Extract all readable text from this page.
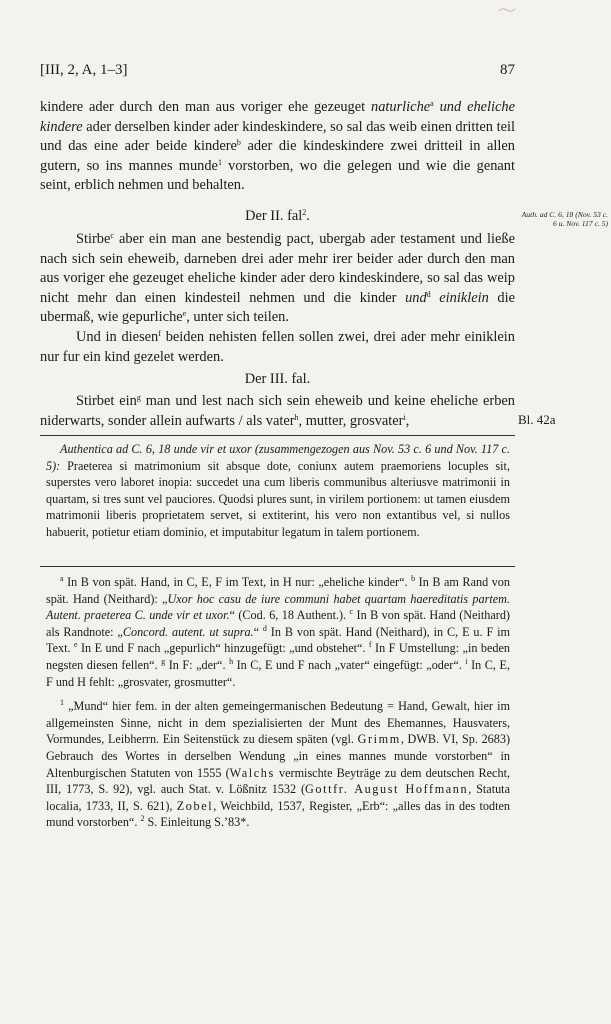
[III, 2, A, 1–3]	87

kindere ader durch den man aus voriger ehe gezeuget naturliche$^a$ und eheliche kindere ader derselben kinder ader kindeskindere, so sal das weib einen dritten teil und das eine ader beide kindere$^b$ ader die kindeskindere zwei dritteil in allen gutern, so ins mannes munde$^1$ vorstorben, wo die gelegen und wie die genant seint, erblich nehmen und behalten.

Der II. fal$^2$.	Auth. ad C. 6, 18 (Nov. 53 c. 6 u. Nov. 117 c. 5)

Stirbe$^c$ aber ein man ane bestendig pact, ubergab ader testament und ließe nach sich sein eheweib, darneben drei ader mehr irer beider ader durch den man aus voriger ehe gezeuget eheliche kinder ader dero kindeskindere, so sal das weip nicht mehr dan einen kindesteil nehmen und die kinder und$^d$ einiklein die ubermaß, wie gepurliche$^e$, unter sich teilen.

Und in diesen$^f$ beiden nehisten fellen sollen zwei, drei ader mehr einiklein nur fur ein kind gezelet werden.

Der III. fal.

Stirbet ein$^g$ man und lest nach sich sein eheweib und keine eheliche erben niderwarts, sonder allein aufwarts / als vater$^h$, mutter, grosvater$^i$,	Bl. 42a

Authentica ad C. 6, 18 unde vir et uxor (zusammengezogen aus Nov. 53 c. 6 und Nov. 117 c. 5): Praeterea si matrimonium sit absque dote, coniunx autem praemoriens locuples sit, superstes vero laboret inopia: succedet una cum liberis communibus alteriusve matrimonii in quartam, si tres sunt vel pauciores. Quodsi plures sunt, in virilem portionem: ut tamen eiusdem matrimonii liberis proprietatem servet, si extiterint, his vero non extantibus vel, si nullos habuerit, potietur etiam dominio, et imputabitur legatum in talem portionem.

$^a$ In B von spät. Hand, in C, E, F im Text, in H nur: „eheliche kinder“. $^b$ In B am Rand von spät. Hand (Neithard): „Uxor hoc casu de iure communi habet quartam haereditatis partem. Autent. praeterea C. unde vir et uxor.“ (Cod. 6, 18 Authent.). $^c$ In B von spät. Hand (Neithard) als Randnote: „Concord. autent. ut supra.“ $^d$ In B von spät. Hand (Neithard), in C, E u. F im Text. $^e$ In E und F nach „gepurlich“ hinzugefügt: „und obstehet“. $^f$ In F Umstellung: „in beden negsten diesen fellen“. $^g$ In F: „der“. $^h$ In C, E und F nach „vater“ eingefügt: „oder“. $^i$ In C, E, F und H fehlt: „grosvater, grosmutter“.

$^1$ „Mund“ hier fem. in der alten gemeingermanischen Bedeutung = Hand, Gewalt, hier im allgemeinsten Sinne, nicht in dem spezialisierten der Munt des Ehemannes, Hausvaters, Vormundes, Leibherrn. Ein Seitenstück zu diesem späten (vgl. Grimm, DWB. VI, Sp. 2683) Gebrauch des Wortes in derselben Wendung „in eines mannes munde vorstorben“ in Altenburgischen Statuten von 1555 (Walchs vermischte Beyträge zu dem deutschen Recht, III, 1773, S. 92), vgl. auch Stat. v. Lößnitz 1532 (Gottfr. August Hoffmann, Statuta localia, 1733, II, S. 621), Zobel, Weichbild, 1537, Register, „Erb“: „alles das in des todten mund vorstorben“. $^2$ S. Einleitung S.’83*.
